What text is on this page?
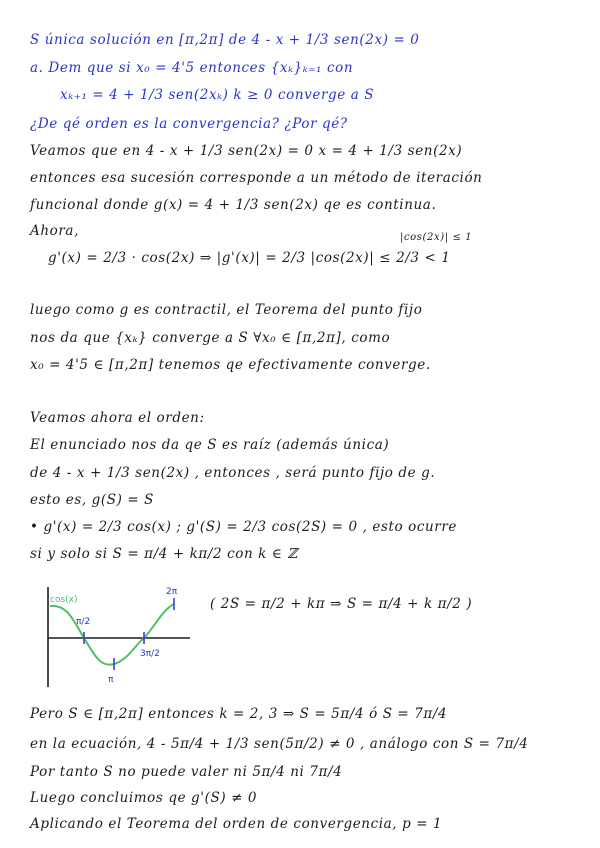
S única solución en [π,2π] de 4 - x + 1/3 sen(2x) = 0
a. Dem que si x₀ = 4'5 entonces {xₖ}ₖ₌₁ con
xₖ₊₁ = 4 + 1/3 sen(2xₖ) k ≥ 0 converge a S
¿De qé orden es la convergencia? ¿Por qé?
Veamos que en 4 - x + 1/3 sen(2x) = 0 x = 4 + 1/3 sen(2x)
entonces esa sucesión corresponde a un método de iteración
funcional donde g(x) = 4 + 1/3 sen(2x) qe es continua.
Ahora,	|cos(2x)| ≤ 1
g'(x) = 2/3 · cos(2x) ⇒ |g'(x)| = 2/3 |cos(2x)| ≤ 2/3 < 1
luego como g es contractil, el Teorema del punto fijo
nos da que {xₖ} converge a S ∀x₀ ∈ [π,2π], como
x₀ = 4'5 ∈ [π,2π] tenemos qe efectivamente converge.
Veamos ahora el orden:
El enunciado nos da qe S es raíz (además única)
de 4 - x + 1/3 sen(2x) , entonces , será punto fijo de g.
esto es, g(S) = S
• g'(x) = 2/3 cos(x) ; g'(S) = 2/3 cos(2S) = 0 , esto ocurre
si y solo si S = π/4 + kπ/2 con k ∈ ℤ
cos(x)
π/2
π
3π/2
2π
( 2S = π/2 + kπ ⇒ S = π/4 + k π/2 )
Pero S ∈ [π,2π] entonces k = 2, 3 ⇒ S = 5π/4 ó S = 7π/4
en la ecuación, 4 - 5π/4 + 1/3 sen(5π/2) ≠ 0 , análogo con S = 7π/4
Por tanto S no puede valer ni 5π/4 ni 7π/4
Luego concluimos qe g'(S) ≠ 0
Aplicando el Teorema del orden de convergencia, p = 1
